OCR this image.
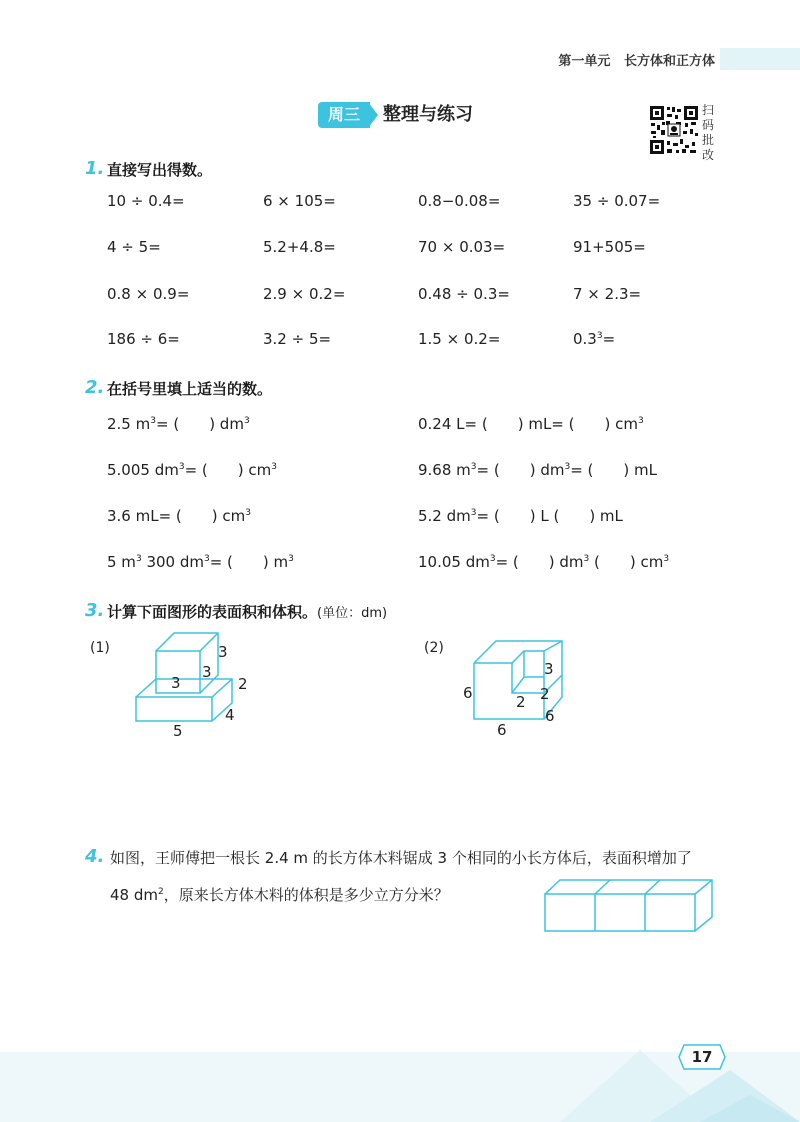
第一单元 长方体和正方体
周三	整理与练习	扫
码
批
改
1. 直接写出得数。
10 ÷ 0.4=	6 × 105=	0.8−0.08=	35 ÷ 0.07=
4 ÷ 5=	5.2+4.8=	70 × 0.03=	91+505=
0.8 × 0.9=	2.9 × 0.2=	0.48 ÷ 0.3=	7 × 2.3=
186 ÷ 6=	3.2 ÷ 5=	1.5 × 0.2=	$0.3^3=$
2. 在括号里填上适当的数。
2.5 $m^3=$ (   ) $dm^3$	0.24 L= (   ) mL= (   ) $cm^3$
5.005 $dm^3=$ (   ) $cm^3$	9.68 $m^3=$ (   ) $dm^3=$ (   ) mL
3.6 mL= (   ) $cm^3$	5.2 $dm^3=$ (   ) L (   ) mL
5 $m^3$ 300 $dm^3=$ (   ) $m^3$	10.05 $dm^3=$ (   ) $dm^3$ (   ) $cm^3$
3. 计算下面图形的表面积和体积。(单位：dm)
(1)	3
3
3	2
4
5
(2)
3
6	2
2
6
6
4. 如图，王师傅把一根长 2.4 m 的长方体木料锯成 3 个相同的小长方体后，表面积增加了
48 $dm^2$，原来长方体木料的体积是多少立方分米？
17
